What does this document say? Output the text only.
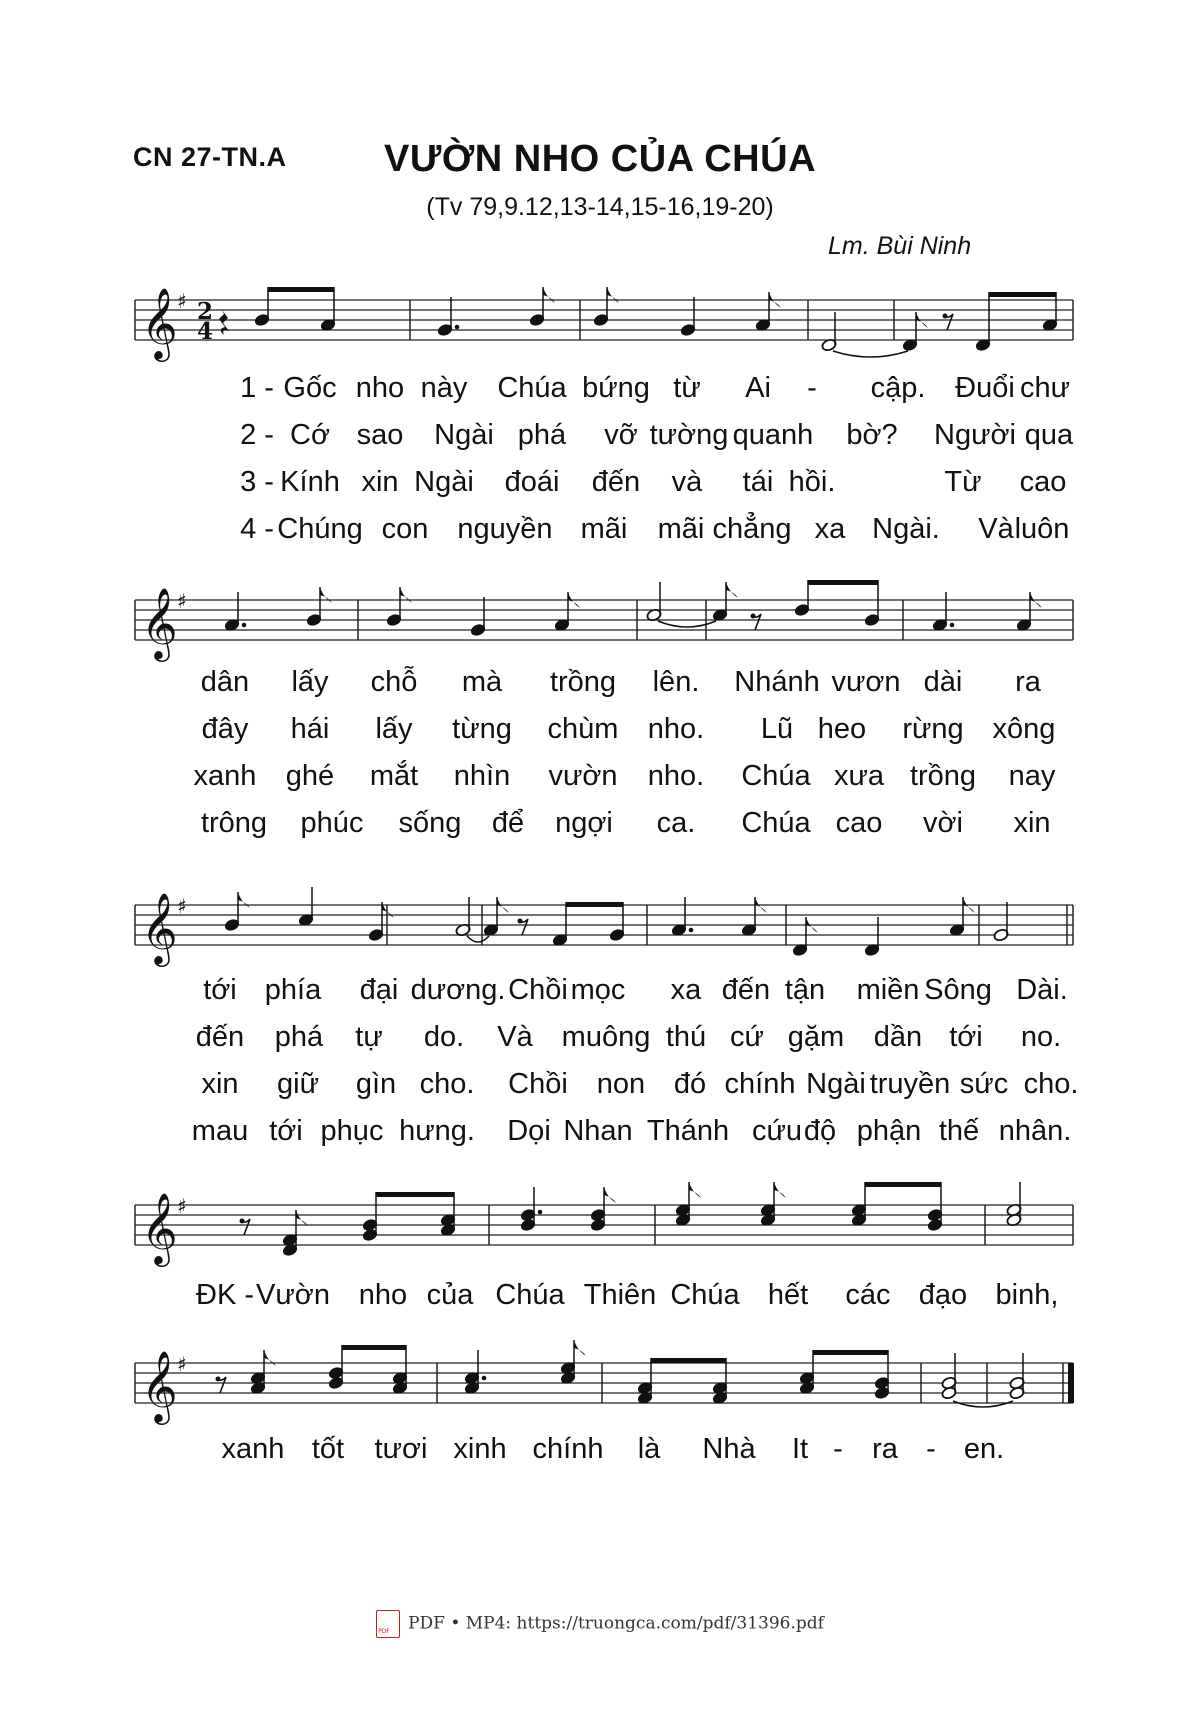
CN 27-TN.A	VƯỜN NHO CỦA CHÚA
(Tv 79,9.12,13-14,15-16,19-20)
Lm. Bùi Ninh
𝄞 ♯ 2
4
𝄞 ♯
𝄞 ♯
𝄞 ♯
𝄞 ♯
1 - Gốc nho này Chúa bứng từ Ai - cập. Đuổi chư
2 - Cớ sao Ngài phá vỡ tường quanh bờ? Người qua
3 - Kính xin Ngài đoái đến và tái hồi.	Từ cao
4 - Chúng con nguyền mãi mãi chẳng xa Ngài. Và luôn
dân lấy chỗ mà trồng lên. Nhánh vươn dài ra
đây hái lấy từng chùm nho. Lũ heo rừng xông
xanh ghé mắt nhìn vườn nho. Chúa xưa trồng nay
trông phúc sống để ngợi ca. Chúa cao vời xin
tới phía đại dương. Chồi mọc xa đến tận miền Sông Dài.
đến phá tự do. Và muông thú cứ gặm dần tới no.
xin giữ gìn cho. Chồi non đó chính Ngài truyền sức cho.
mau tới phục hưng. Dọi Nhan Thánh cứu độ phận thế nhân.
ĐK - Vườn nho của Chúa Thiên Chúa hết các đạo binh,
xanh tốt tươi xinh chính là Nhà It - ra - en.
PDFPDF • MP4: https://truongca.com/pdf/31396.pdf
